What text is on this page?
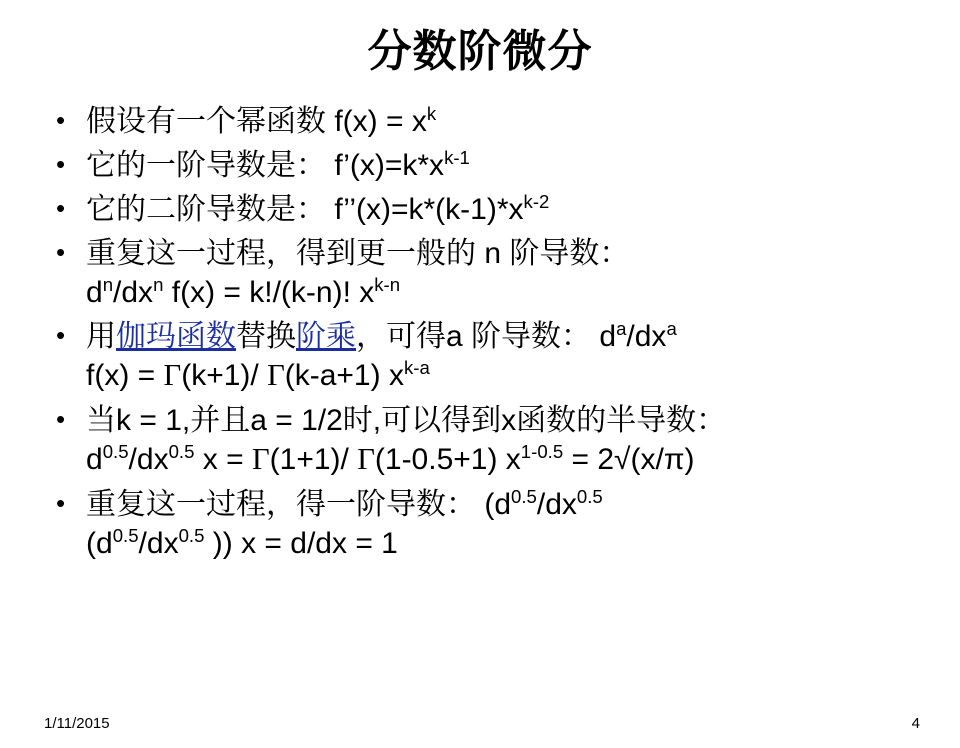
分数阶微分
• 假设有一个幂函数 $f(x) = x^k$
• 它的一阶导数是： $f’(x)=k*x^{k-1}$
• 它的二阶导数是： $f’’(x)=k*(k-1)*x^{k-2}$
• 重复这一过程，得到更一般的 n 阶导数：
$d^n/dx^n$ f(x) = k!/(k-n)! $x^{k-n}$
• 用伽玛函数替换阶乘，可得a 阶导数： $d^a/dx^a$
f(x) = Γ(k+1)/ Γ(k-a+1) $x^{k-a}$
• 当k = 1,并且a = 1/2时,可以得到x函数的半导数：
$d^{0.5}/dx^{0.5}$ x = Γ(1+1)/ Γ(1-0.5+1) $x^{1-0.5} = 2√(x/\pi)$
• 重复这一过程，得一阶导数： ($d^{0.5}/dx^{0.5}$
($d^{0.5}/dx^{0.5}$ )) x = d/dx = 1
1/11/2015	4
